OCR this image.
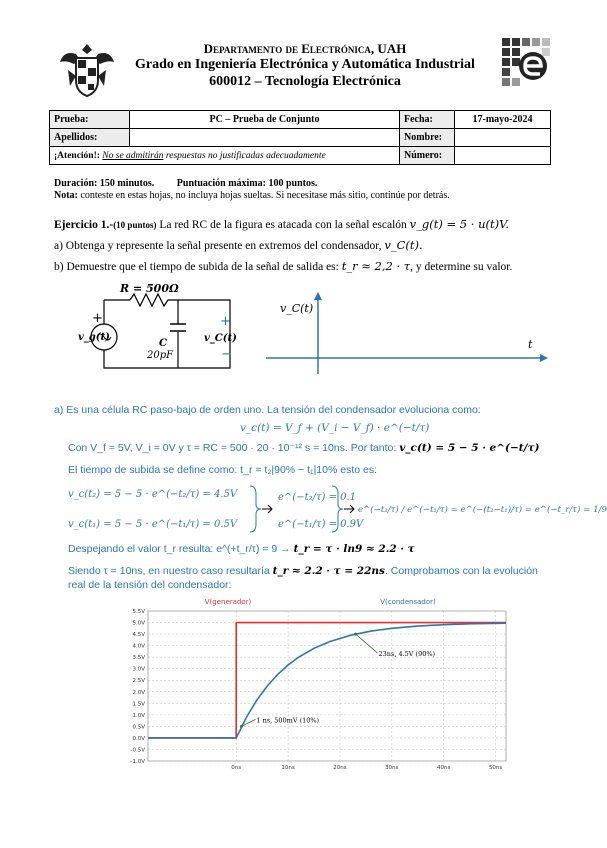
Departamento de Electrónica, UAH
Grado en Ingeniería Electrónica y Automática Industrial
600012 – Tecnología Electrónica
Prueba:	PC – Prueba de Conjunto	Fecha:	17-mayo-2024
Apellidos:		Nombre:	
¡Atención!: No se admitirán respuestas no justificadas adecuadamente		Número:	
Duración: 150 minutos. Puntuación máxima: 100 puntos.
Nota: conteste en estas hojas, no incluya hojas sueltas. Si necesitase más sitio, continúe por detrás.
Ejercicio 1.-(10 puntos) La red RC de la figura es atacada con la señal escalón v_g(t) = 5 · u(t)V.
a) Obtenga y represente la señal presente en extremos del condensador, v_C(t).
b) Demuestre que el tiempo de subida de la señal de salida es: t_r ≈ 2,2 · τ, y determine su valor.
R = 500Ω
+
v_g(t)
C
20pF
+
v_C(t)
−
v_C(t)
t
a) Es una célula RC paso-bajo de orden uno. La tensión del condensador evoluciona como:
v_c(t) = V_f + (V_i − V_f) · e^(−t/τ)
Con V_f = 5V, V_i = 0V y τ = RC = 500 · 20 · 10⁻¹² s = 10ns. Por tanto: v_c(t) = 5 − 5 · e^(−t/τ)
El tiempo de subida se define como: t_r = t₂|90% − t₁|10% esto es:
v_c(t₂) = 5 − 5 · e^(−t₂/τ) = 4.5V
v_c(t₁) = 5 − 5 · e^(−t₁/τ) = 0.5V
e^(−t₂/τ) = 0.1
e^(−t₁/τ) = 0.9V
e^(−t₂/τ) / e^(−t₁/τ) = e^(−(t₂−t₁)/τ) = e^(−t_r/τ) = 1/9
Despejando el valor t_r resulta: e^(+t_r/τ) = 9 → t_r = τ · ln9 ≈ 2.2 · τ
Siendo τ = 10ns, en nuestro caso resultaría t_r ≈ 2.2 · τ = 22ns. Comprobamos con la evolución
real de la tensión del condensador:
-1.0V
-0.5V
0.0V
0.5V
1.0V
1.5V
2.0V
2.5V
3.0V
3.5V
4.0V
4.5V
5.0V
5.5V
0ns	10ns	20ns	30ns	40ns	50ns
V(generador)	V(condensador)
23ns, 4.5V (90%)
1 ns, 500mV (10%)
